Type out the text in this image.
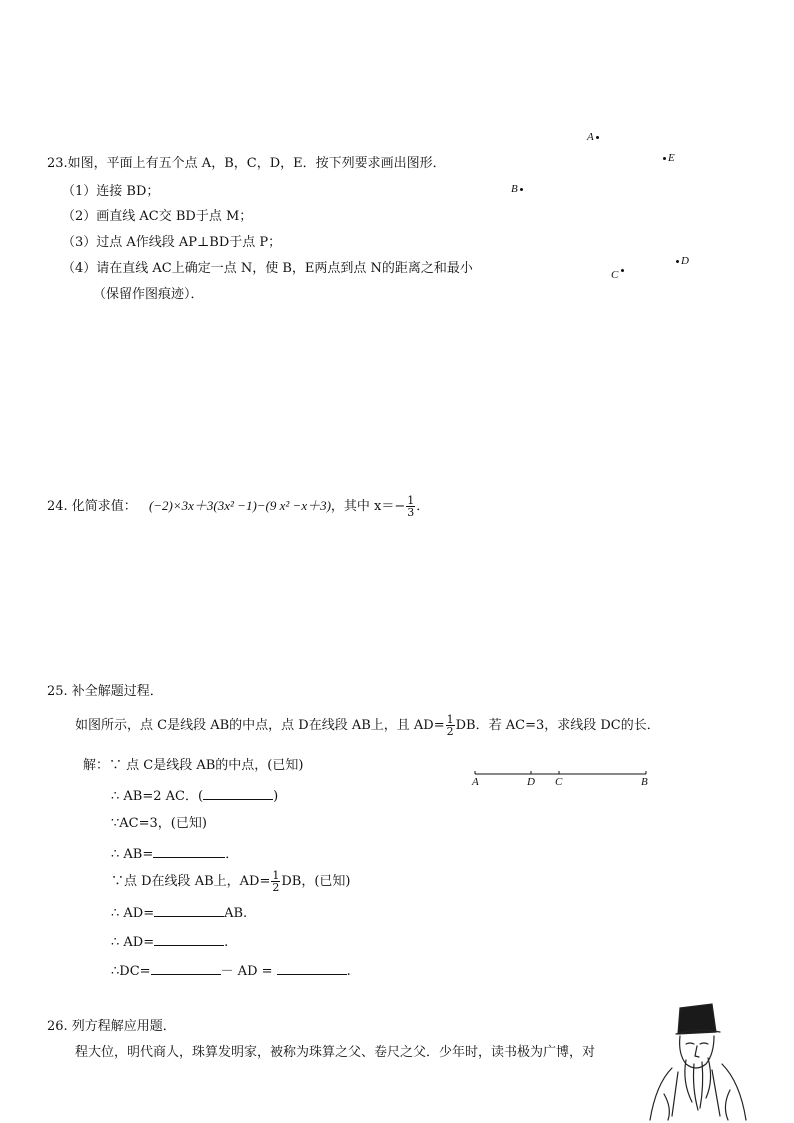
23.如图，平面上有五个点 A，B，C，D，E．按下列要求画出图形．
（1）连接 BD；
（2）画直线 AC交 BD于点 M；
（3）过点 A作线段 AP⊥BD于点 P；
（4）请在直线 AC上确定一点 N，使 B，E两点到点 N的距离之和最小
（保留作图痕迹）．
A
E
B
D
C
24. 化简求值： (−2)×3x＋3(3x² −1)−(9 x² −x＋3)，其中 $x=- \frac{1}{3}$ ．
25. 补全解题过程．
如图所示，点 C是线段 AB的中点，点 D在线段 AB上，且 $AD= \frac{1}{2}$ DB．若 AC=3，求线段 DC的长．
A	D C	B
解：∵ 点 C是线段 AB的中点，(已知)
∴ AB=2 AC．(	)
∵AC=3，(已知)
∴ AB=	．
∵点 D在线段 AB上，$AD= \frac{1}{2}$ DB，(已知)
∴ AD=	AB.
∴ AD=	.
∴DC=	－ AD =	.
26. 列方程解应用题．
程大位，明代商人，珠算发明家，被称为珠算之父、卷尺之父．少年时，读书极为广博，对
